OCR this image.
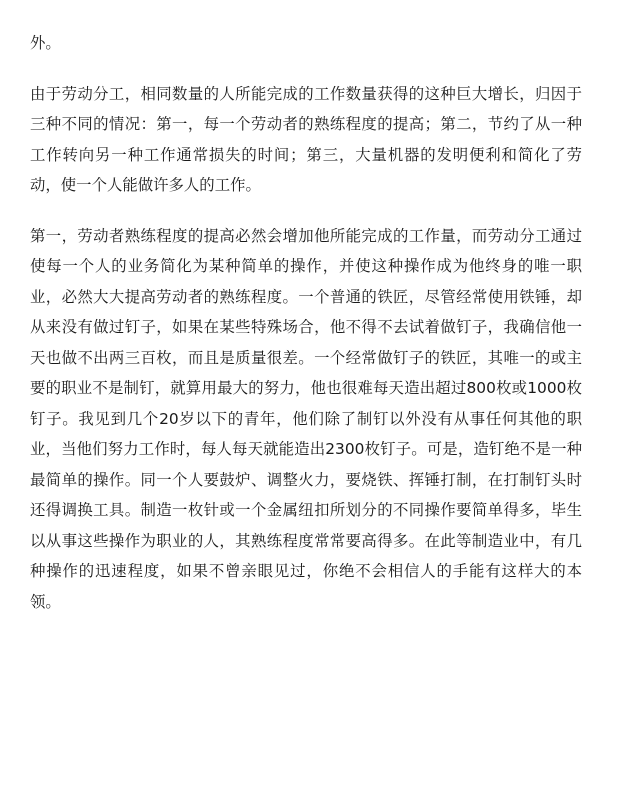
外。

由于劳动分工，相同数量的人所能完成的工作数量获得的这种巨大增长，归因于三种不同的情况：第一，每一个劳动者的熟练程度的提高；第二，节约了从一种工作转向另一种工作通常损失的时间；第三，大量机器的发明便利和简化了劳动，使一个人能做许多人的工作。

第一，劳动者熟练程度的提高必然会增加他所能完成的工作量，而劳动分工通过使每一个人的业务简化为某种简单的操作，并使这种操作成为他终身的唯一职业，必然大大提高劳动者的熟练程度。一个普通的铁匠，尽管经常使用铁锤，却从来没有做过钉子，如果在某些特殊场合，他不得不去试着做钉子，我确信他一天也做不出两三百枚，而且是质量很差。一个经常做钉子的铁匠，其唯一的或主要的职业不是制钉，就算用最大的努力，他也很难每天造出超过800枚或1000枚钉子。我见到几个20岁以下的青年，他们除了制钉以外没有从事任何其他的职业，当他们努力工作时，每人每天就能造出2300枚钉子。可是，造钉绝不是一种最简单的操作。同一个人要鼓炉、调整火力，要烧铁、挥锤打制，在打制钉头时还得调换工具。制造一枚针或一个金属纽扣所划分的不同操作要简单得多，毕生以从事这些操作为职业的人，其熟练程度常常要高得多。在此等制造业中，有几种操作的迅速程度，如果不曾亲眼见过，你绝不会相信人的手能有这样大的本领。
